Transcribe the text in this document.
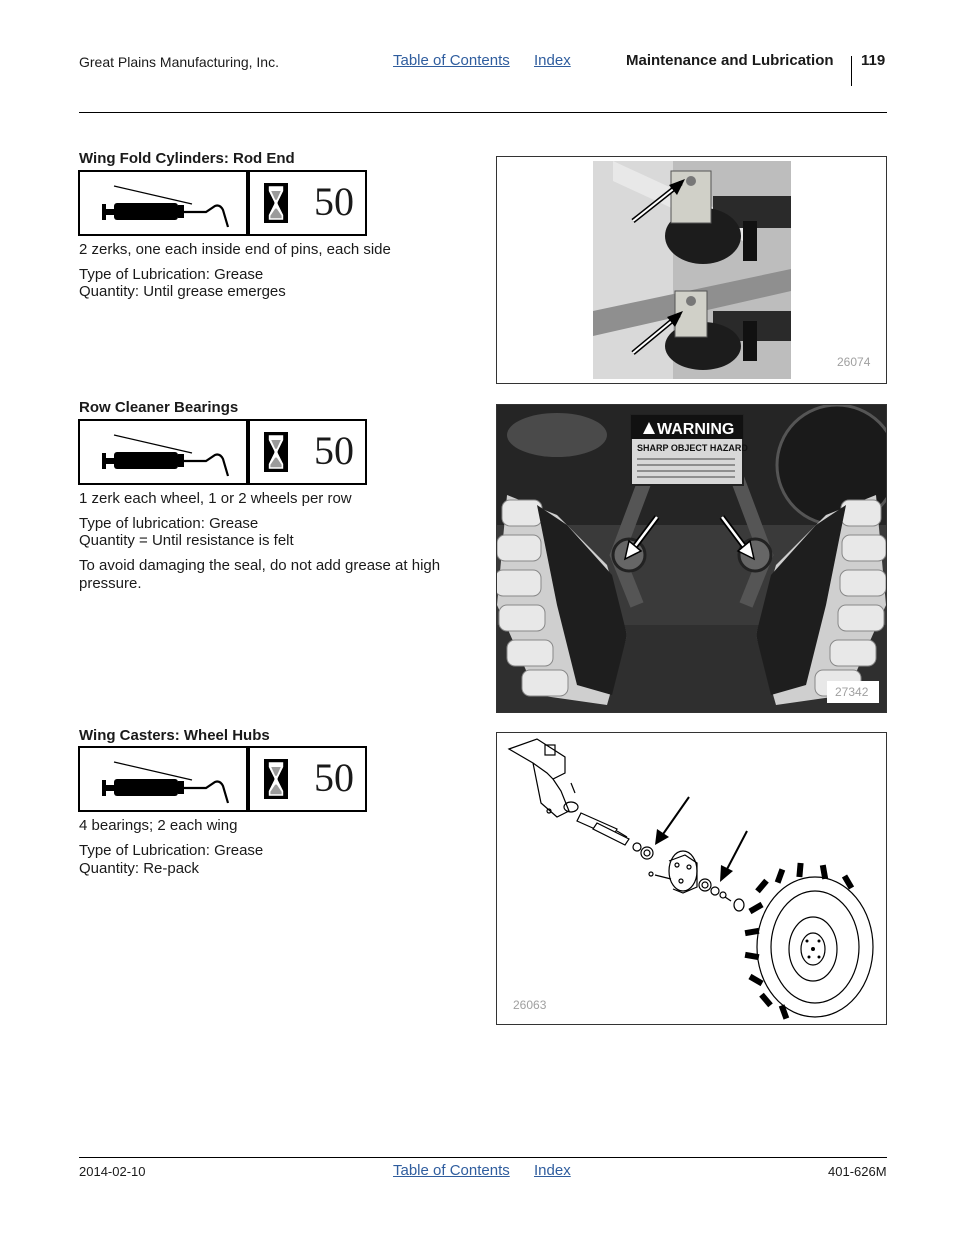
Great Plains Manufacturing, Inc.	Table of Contents Index	Maintenance and Lubrication 119
Wing Fold Cylinders: Rod End
50
2 zerks, one each inside end of pins, each side
Type of Lubrication: Grease
Quantity: Until grease emerges
26074
Row Cleaner Bearings
50
1 zerk each wheel, 1 or 2 wheels per row
Type of lubrication: Grease
Quantity = Until resistance is felt
To avoid damaging the seal, do not add grease at high pressure.
WARNING
SHARP OBJECT HAZARD
27342
Wing Casters: Wheel Hubs
50
4 bearings; 2 each wing
Type of Lubrication: Grease
Quantity: Re-pack
26063
2014-02-10	Table of Contents Index	401-626M
